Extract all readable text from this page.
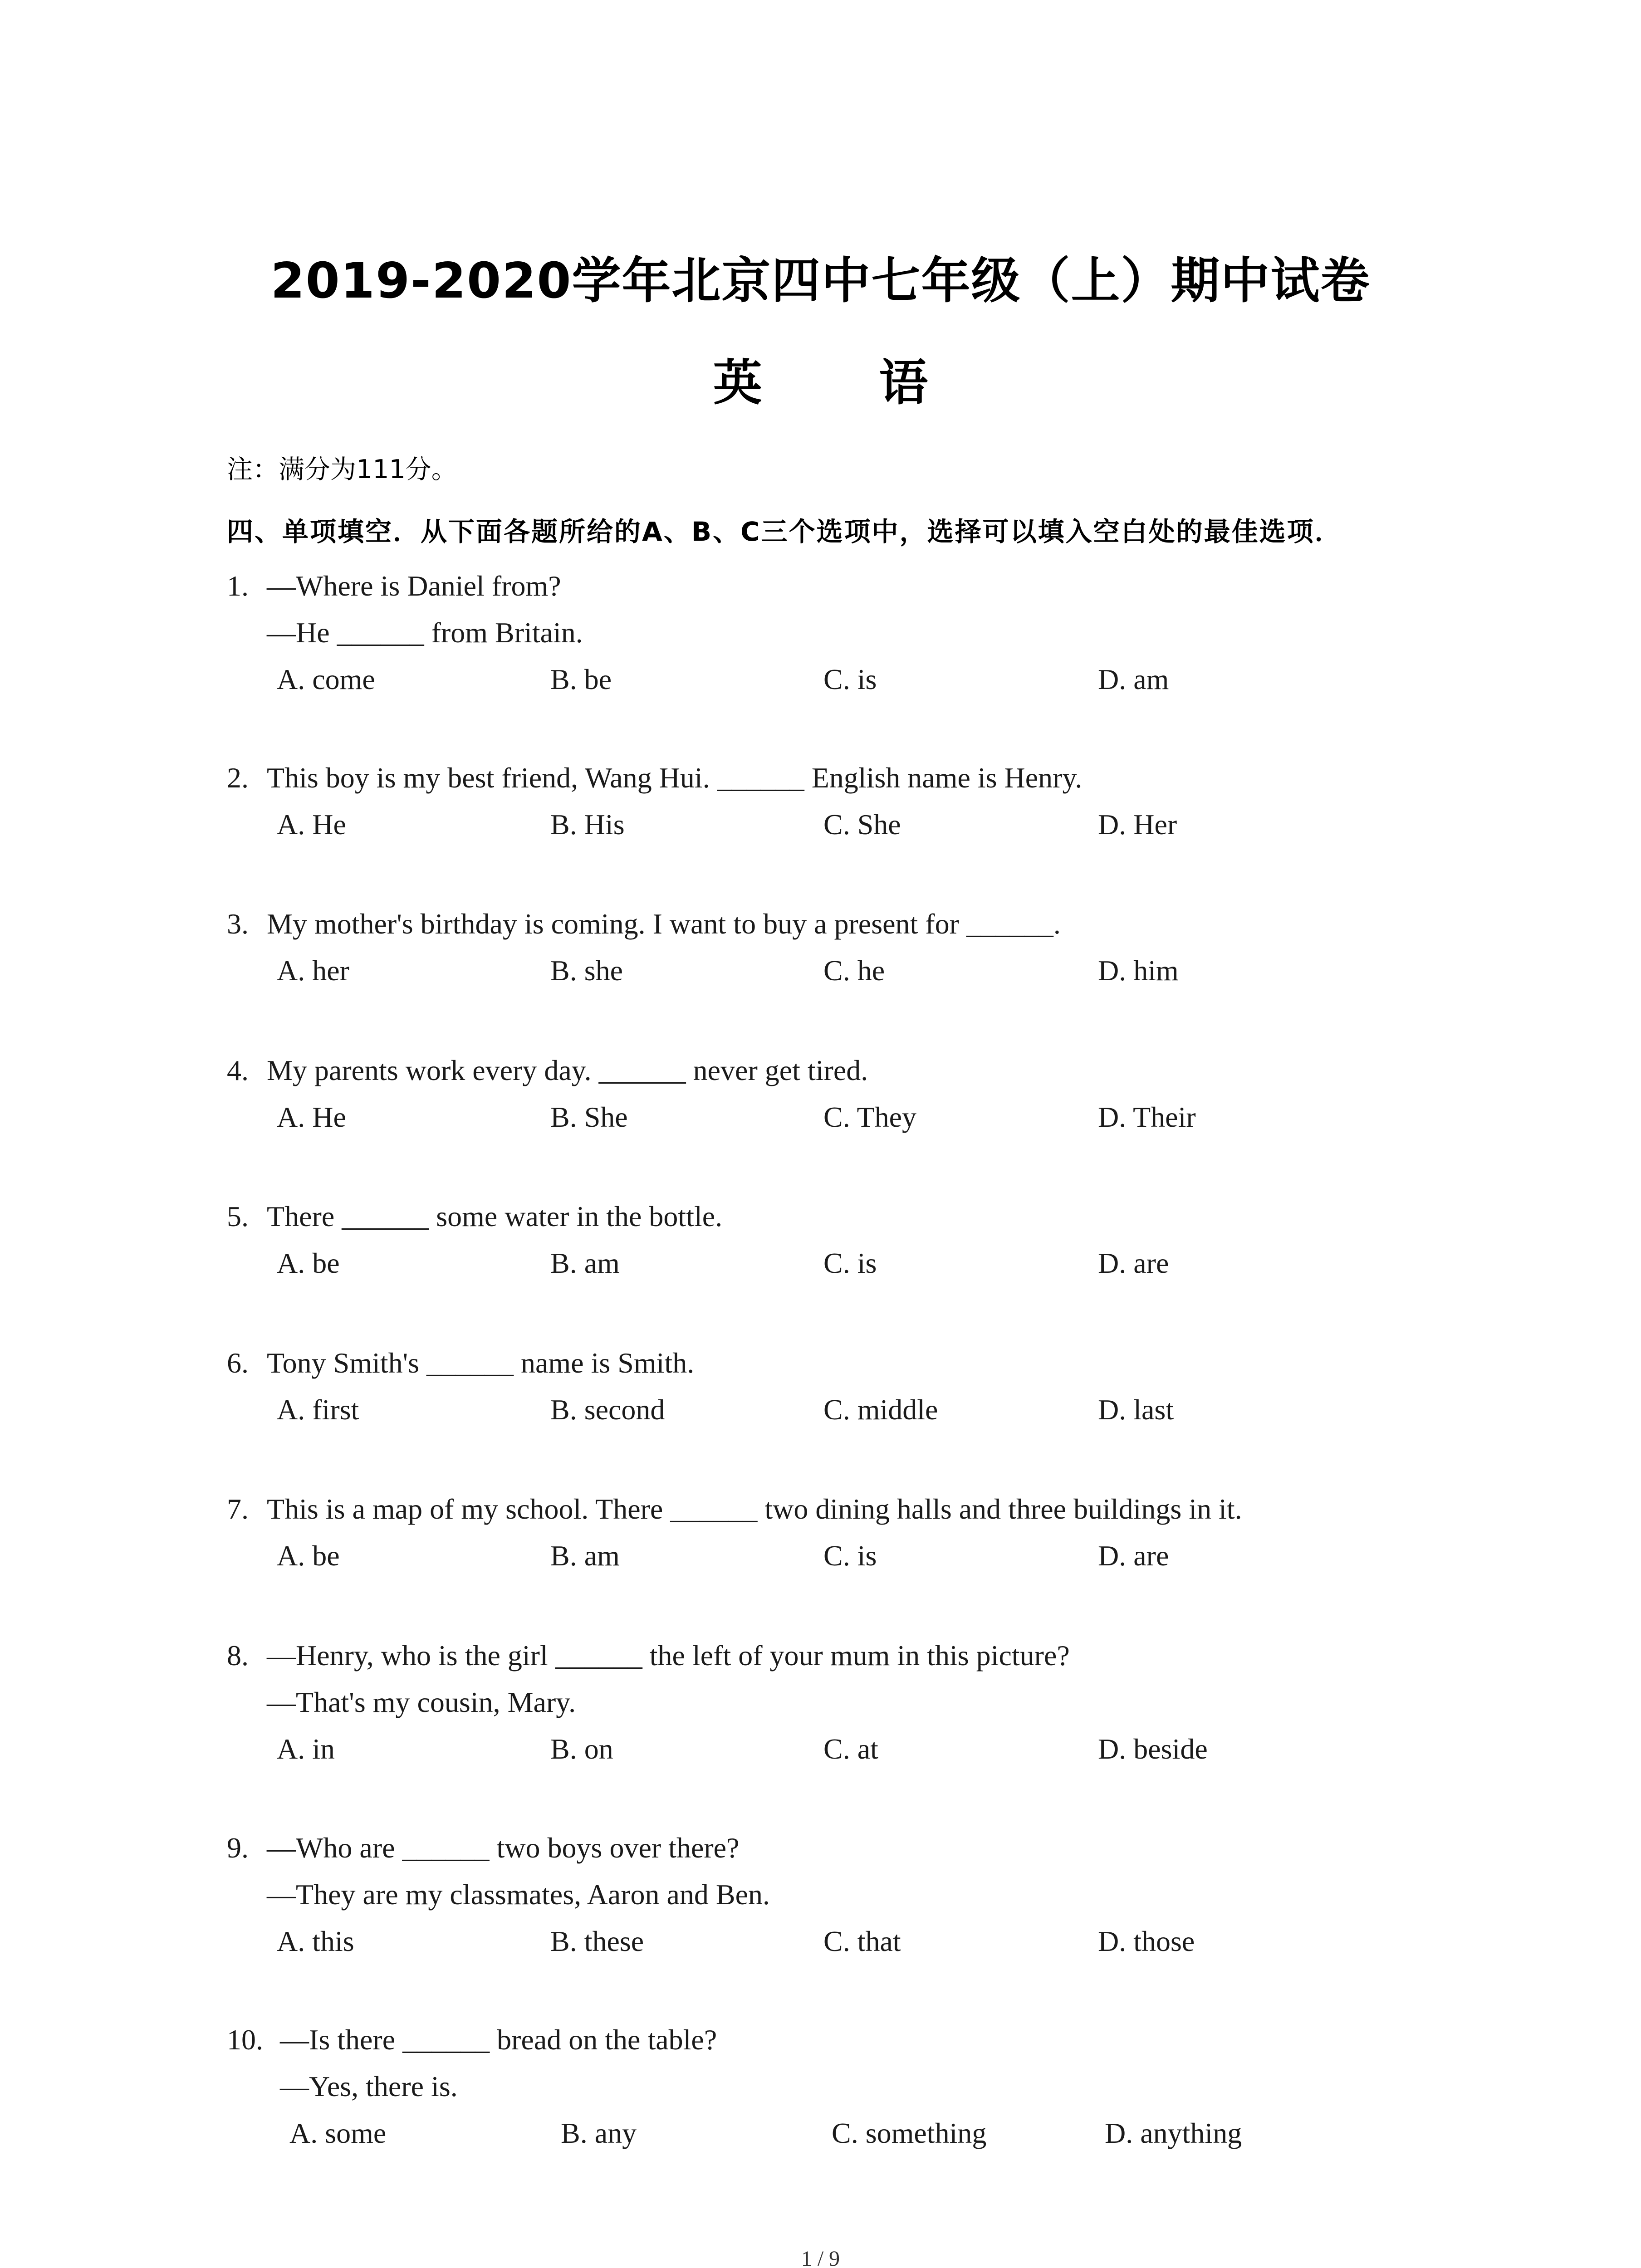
2019-2020学年北京四中七年级（上）期中试卷
英 语
注：满分为111分。
四、单项填空．从下面各题所给的A、B、C三个选项中，选择可以填入空白处的最佳选项．
1. —Where is Daniel from?
—He ______ from Britain.
A. come	B. be	C. is	D. am
2. This boy is my best friend, Wang Hui. ______ English name is Henry.
A. He	B. His	C. She	D. Her
3. My mother's birthday is coming. I want to buy a present for ______.
A. her	B. she	C. he	D. him
4. My parents work every day. ______ never get tired.
A. He	B. She	C. They	D. Their
5. There ______ some water in the bottle.
A. be	B. am	C. is	D. are
6. Tony Smith's ______ name is Smith.
A. first	B. second	C. middle	D. last
7. This is a map of my school. There ______ two dining halls and three buildings in it.
A. be	B. am	C. is	D. are
8. —Henry, who is the girl ______ the left of your mum in this picture?
—That's my cousin, Mary.
A. in	B. on	C. at	D. beside
9. —Who are ______ two boys over there?
—They are my classmates, Aaron and Ben.
A. this	B. these	C. that	D. those
10. —Is there ______ bread on the table?
—Yes, there is.
A. some	B. any	C. something	D. anything
1 / 9
